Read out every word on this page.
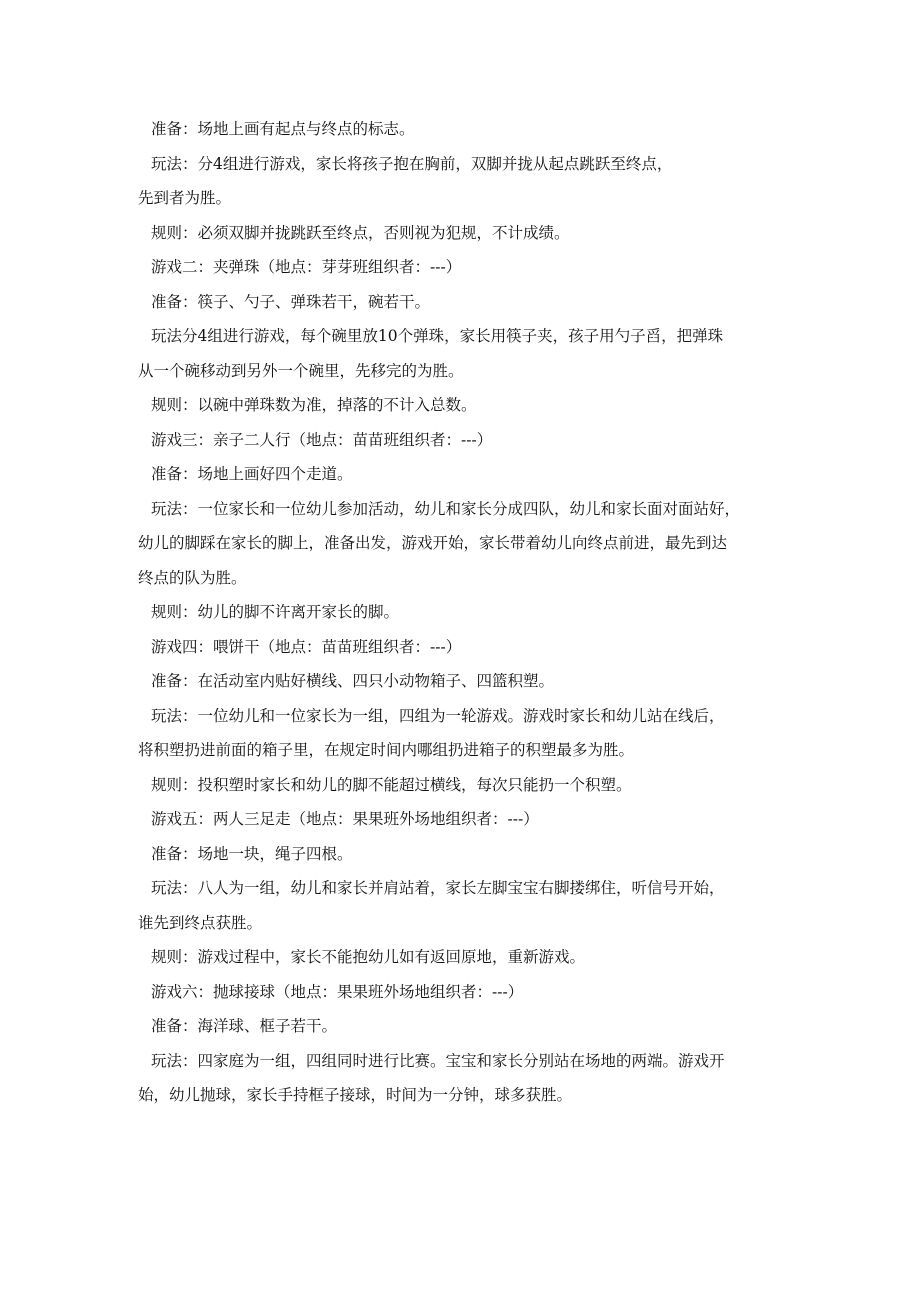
准备：场地上画有起点与终点的标志。

玩法：分4组进行游戏，家长将孩子抱在胸前，双脚并拢从起点跳跃至终点，
先到者为胜。

规则：必须双脚并拢跳跃至终点，否则视为犯规，不计成绩。

游戏二：夹弹珠（地点：芽芽班组织者：---）

准备：筷子、勺子、弹珠若干，碗若干。

玩法分4组进行游戏，每个碗里放10个弹珠，家长用筷子夹，孩子用勺子舀，把弹珠
从一个碗移动到另外一个碗里，先移完的为胜。

规则：以碗中弹珠数为准，掉落的不计入总数。

游戏三：亲子二人行（地点：苗苗班组织者：---）

准备：场地上画好四个走道。

玩法：一位家长和一位幼儿参加活动，幼儿和家长分成四队，幼儿和家长面对面站好，
幼儿的脚踩在家长的脚上，准备出发，游戏开始，家长带着幼儿向终点前进，最先到达
终点的队为胜。

规则：幼儿的脚不许离开家长的脚。

游戏四：喂饼干（地点：苗苗班组织者：---）

准备：在活动室内贴好横线、四只小动物箱子、四篮积塑。

玩法：一位幼儿和一位家长为一组，四组为一轮游戏。游戏时家长和幼儿站在线后，
将积塑扔进前面的箱子里，在规定时间内哪组扔进箱子的积塑最多为胜。

规则：投积塑时家长和幼儿的脚不能超过横线，每次只能扔一个积塑。

游戏五：两人三足走（地点：果果班外场地组织者：---）

准备：场地一块，绳子四根。

玩法：八人为一组，幼儿和家长并肩站着，家长左脚宝宝右脚搂绑住，听信号开始，
谁先到终点获胜。

规则：游戏过程中，家长不能抱幼儿如有返回原地，重新游戏。

游戏六：抛球接球（地点：果果班外场地组织者：---）

准备：海洋球、框子若干。

玩法：四家庭为一组，四组同时进行比赛。宝宝和家长分别站在场地的两端。游戏开
始，幼儿抛球，家长手持框子接球，时间为一分钟，球多获胜。
